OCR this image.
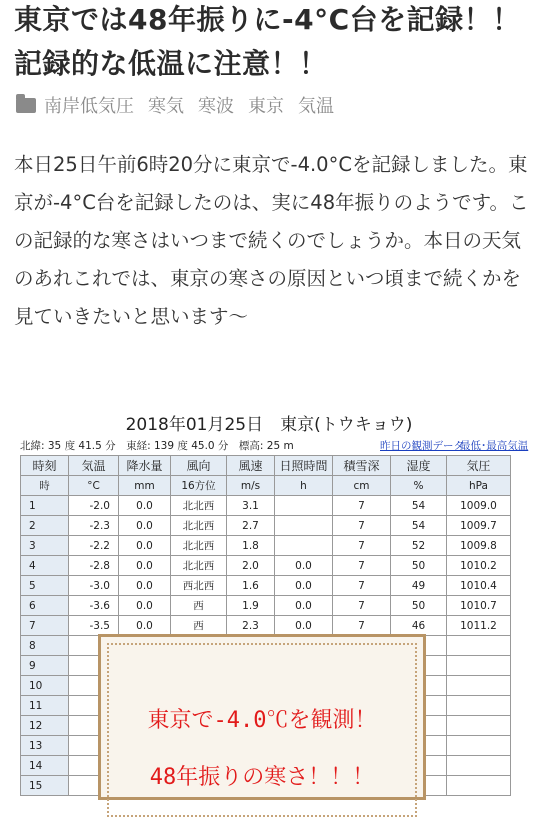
東京では48年振りに-4°C台を記録！！記録的な低温に注意！！
南岸低気圧 寒気 寒波 東京 気温
本日25日午前6時20分に東京で-4.0°Cを記録しました。東京が-4°C台を記録したのは、実に48年振りのようです。この記録的な寒さはいつまで続くのでしょうか。本日の天気のあれこれでは、東京の寒さの原因といつ頃まで続くかを見ていきたいと思います〜
2018年01月25日　東京(トウキョウ)
北緯: 35 度 41.5 分　東経: 139 度 45.0 分　標高: 25 m	昨日の観測データ
最低･最高気温
時刻	気温	降水量	風向	風速	日照時間	積雪深	湿度	気圧
時	°C	mm	16方位	m/s	h	cm	%	hPa
1	-2.0	0.0	北北西	3.1		7	54	1009.0
2	-2.3	0.0	北北西	2.7		7	54	1009.7
3	-2.2	0.0	北北西	1.8		7	52	1009.8
4	-2.8	0.0	北北西	2.0	0.0	7	50	1010.2
5	-3.0	0.0	西北西	1.6	0.0	7	49	1010.4
6	-3.6	0.0	西	1.9	0.0	7	50	1010.7
7	-3.5	0.0	西	2.3	0.0	7	46	1011.2
8								
9								
10								
11								
12								
13								
14								
15								
東京で-4.0℃を観測！
48年振りの寒さ！！！
